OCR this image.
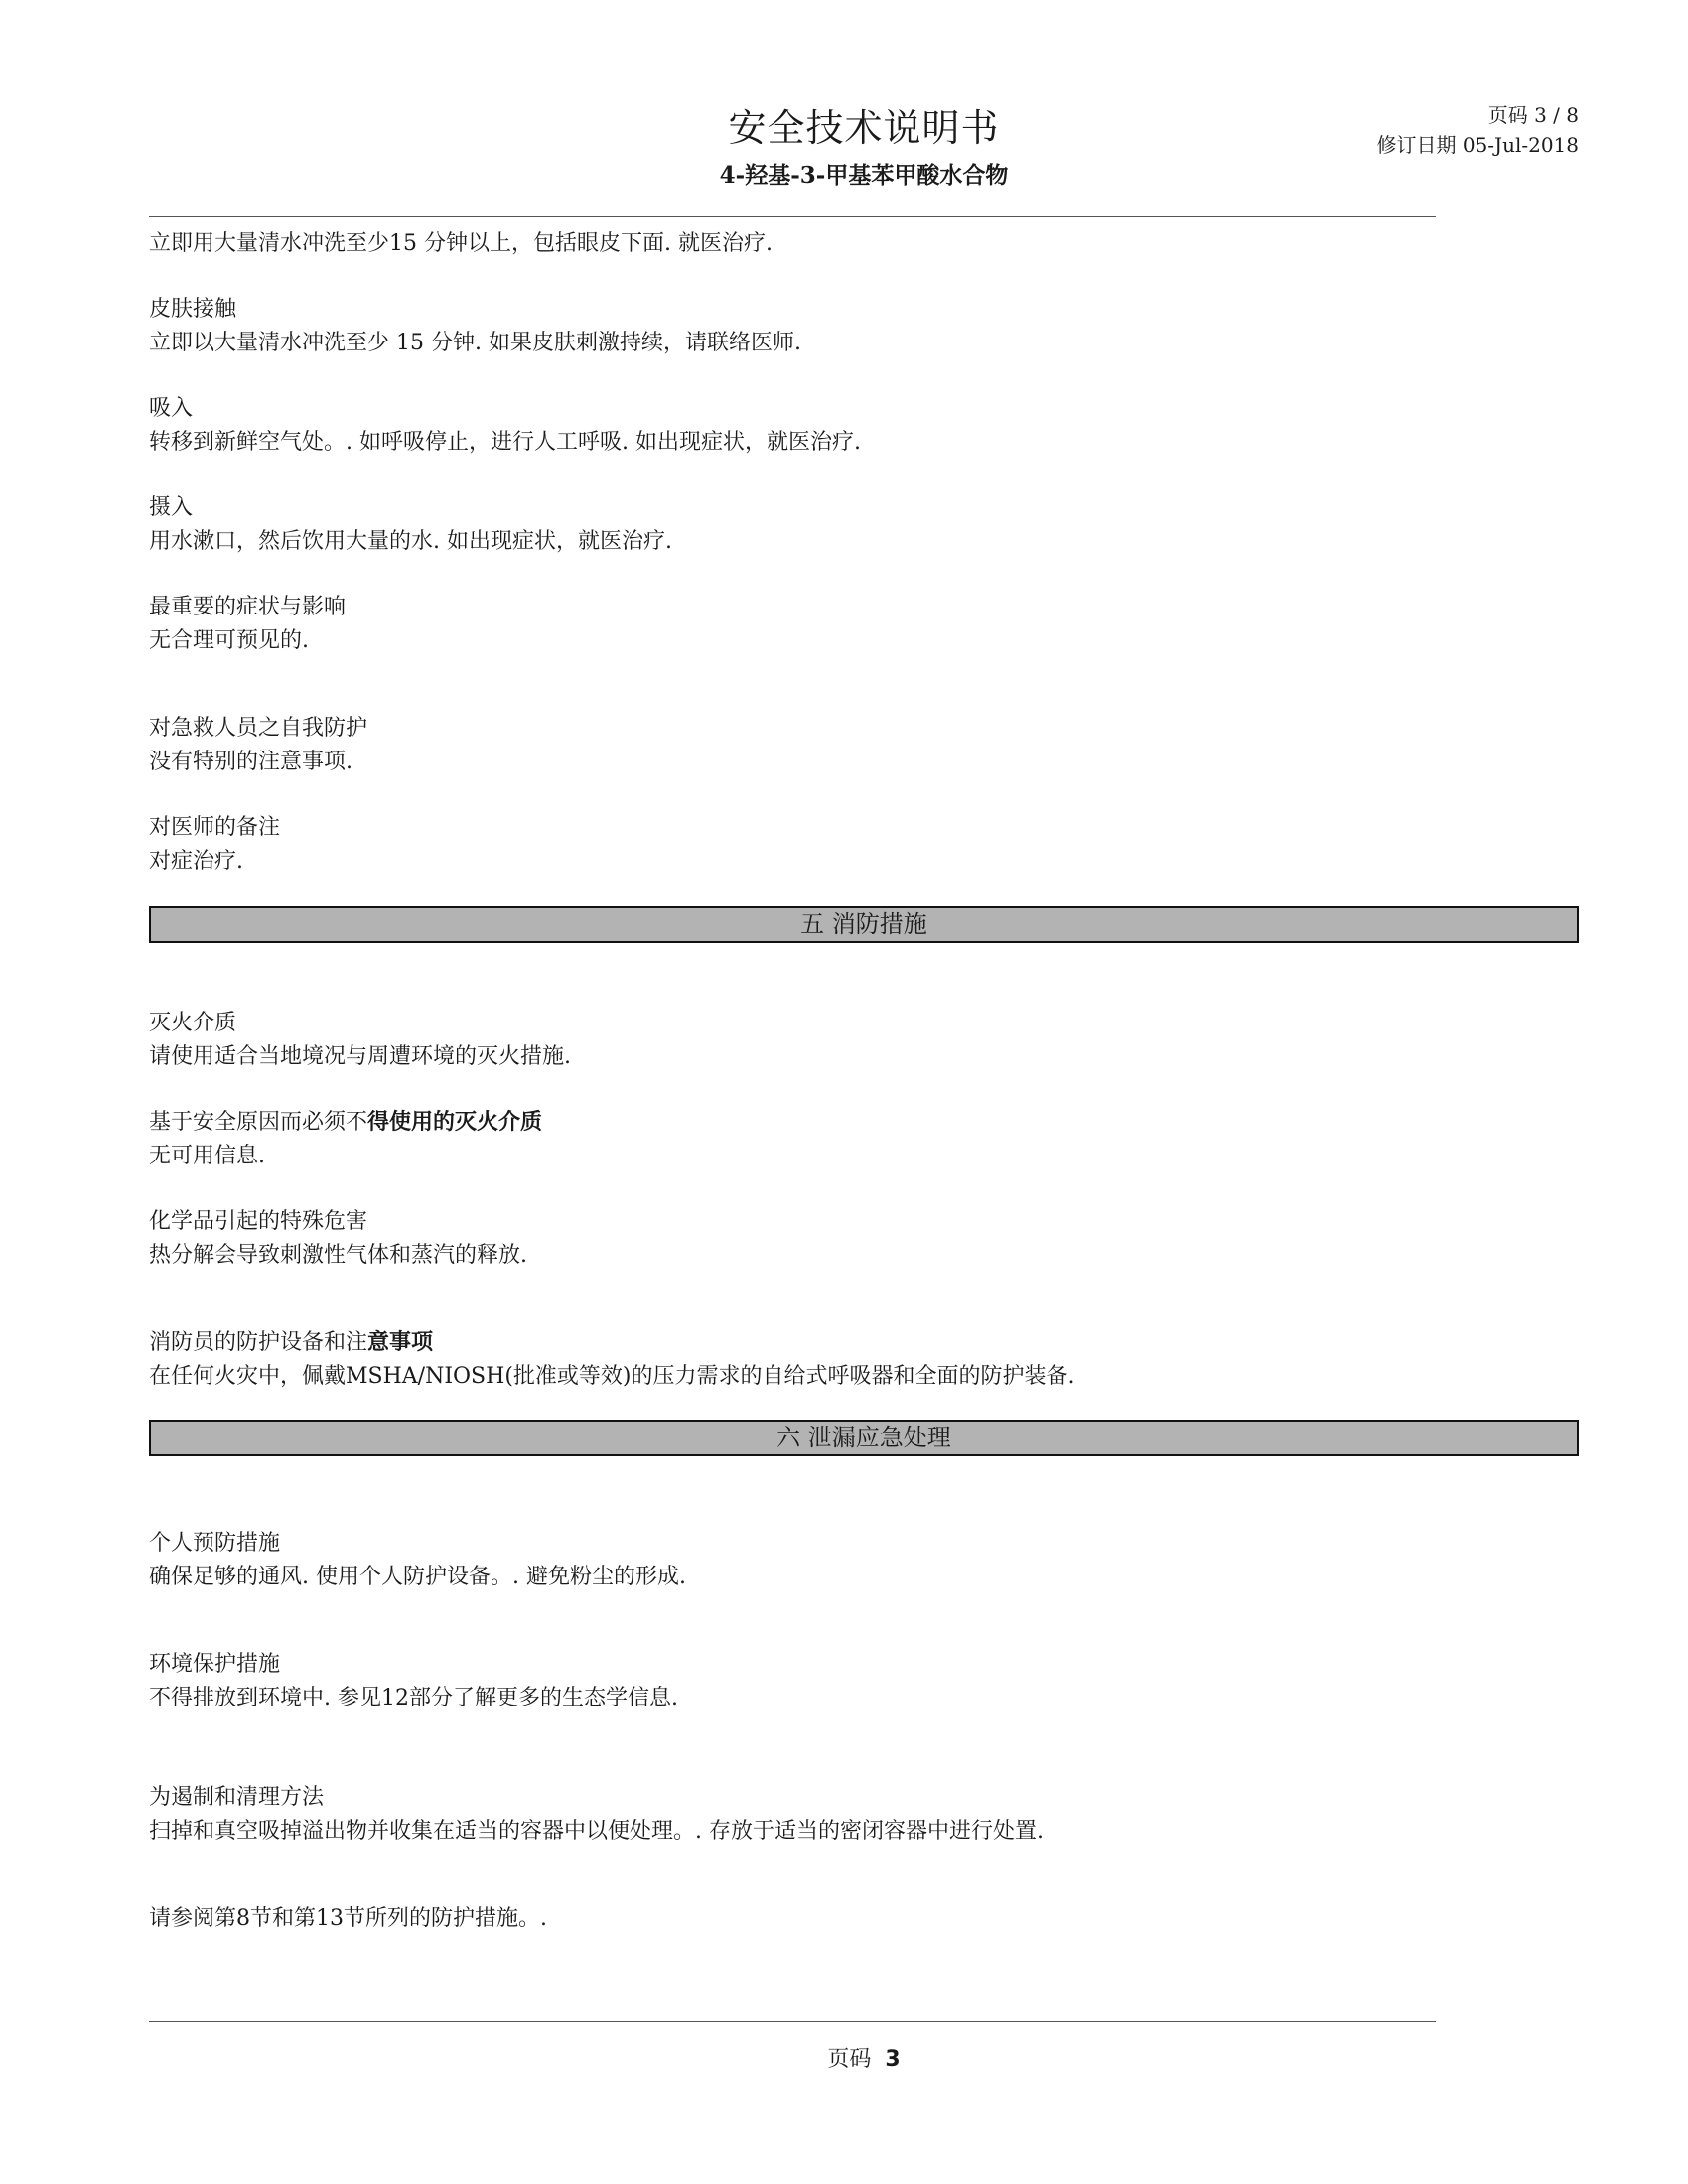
安全技术说明书
4-羟基-3-甲基苯甲酸水合物
页码 3 / 8
修订日期 05-Jul-2018
立即用大量清水冲洗至少15 分钟以上，包括眼皮下面. 就医治疗.
皮肤接触
立即以大量清水冲洗至少 15 分钟. 如果皮肤刺激持续，请联络医师.
吸入
转移到新鲜空气处。. 如呼吸停止，进行人工呼吸. 如出现症状，就医治疗.
摄入
用水漱口，然后饮用大量的水. 如出现症状，就医治疗.
最重要的症状与影响
无合理可预见的.
对急救人员之自我防护
没有特别的注意事项.
对医师的备注
对症治疗.
五 消防措施
灭火介质
请使用适合当地境况与周遭环境的灭火措施.
基于安全原因而必须不得使用的灭火介质
无可用信息.
化学品引起的特殊危害
热分解会导致刺激性气体和蒸汽的释放.
消防员的防护设备和注意事项
在任何火灾中，佩戴MSHA/NIOSH(批准或等效)的压力需求的自给式呼吸器和全面的防护装备.
六 泄漏应急处理
个人预防措施
确保足够的通风. 使用个人防护设备。. 避免粉尘的形成.
环境保护措施
不得排放到环境中. 参见12部分了解更多的生态学信息.
为遏制和清理方法
扫掉和真空吸掉溢出物并收集在适当的容器中以便处理。. 存放于适当的密闭容器中进行处置.
请参阅第8节和第13节所列的防护措施。.
页码 3
